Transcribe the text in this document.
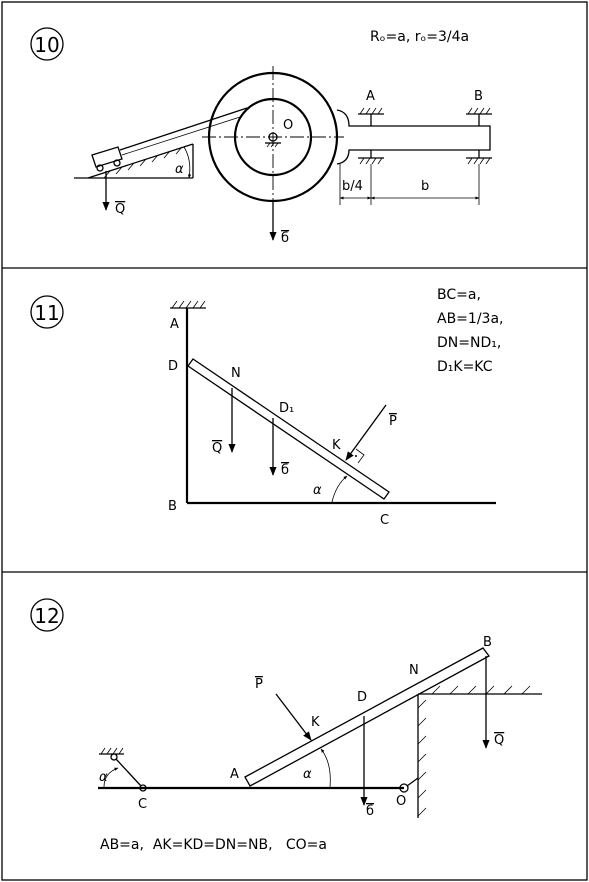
10	Rₒ=a, rₒ=3/4a
O
A	B
b/4	b
б
α
Q
11
BC=a,
AB=1/3a,
DN=ND₁,
D₁K=KC
A
D
B
C
N
D₁
K
Q
б
P
α
12
C	O
α	A
B
N
D
K
P
б
Q
α
AB=a,  AK=KD=DN=NB,   CO=a
